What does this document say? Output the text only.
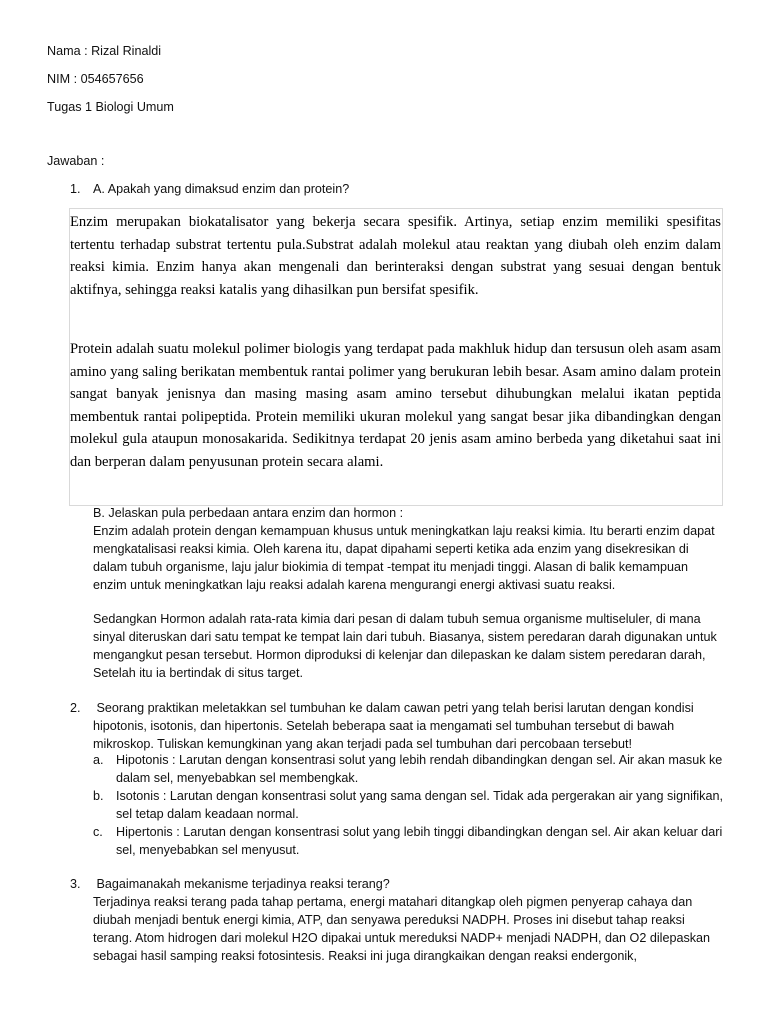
Nama : Rizal Rinaldi
NIM : 054657656
Tugas 1 Biologi Umum
Jawaban :
1. A. Apakah yang dimaksud enzim dan protein?
Enzim merupakan biokatalisator yang bekerja secara spesifik. Artinya, setiap enzim memiliki spesifitas tertentu terhadap substrat tertentu pula.Substrat adalah molekul atau reaktan yang diubah oleh enzim dalam reaksi kimia. Enzim hanya akan mengenali dan berinteraksi dengan substrat yang sesuai dengan bentuk aktifnya, sehingga reaksi katalis yang dihasilkan pun bersifat spesifik.
Protein adalah suatu molekul polimer biologis yang terdapat pada makhluk hidup dan tersusun oleh asam asam amino yang saling berikatan membentuk rantai polimer yang berukuran lebih besar. Asam amino dalam protein sangat banyak jenisnya dan masing masing asam amino tersebut dihubungkan melalui ikatan peptida membentuk rantai polipeptida. Protein memiliki ukuran molekul yang sangat besar jika dibandingkan dengan molekul gula ataupun monosakarida. Sedikitnya terdapat 20 jenis asam amino berbeda yang diketahui saat ini dan berperan dalam penyusunan protein secara alami.
B. Jelaskan pula perbedaan antara enzim dan hormon :
Enzim adalah protein dengan kemampuan khusus untuk meningkatkan laju reaksi kimia. Itu berarti enzim dapat mengkatalisasi reaksi kimia. Oleh karena itu, dapat dipahami seperti ketika ada enzim yang disekresikan di dalam tubuh organisme, laju jalur biokimia di tempat -tempat itu menjadi tinggi. Alasan di balik kemampuan enzim untuk meningkatkan laju reaksi adalah karena mengurangi energi aktivasi suatu reaksi.
Sedangkan Hormon adalah rata-rata kimia dari pesan di dalam tubuh semua organisme multiseluler, di mana sinyal diteruskan dari satu tempat ke tempat lain dari tubuh. Biasanya, sistem peredaran darah digunakan untuk mengangkut pesan tersebut. Hormon diproduksi di kelenjar dan dilepaskan ke dalam sistem peredaran darah, Setelah itu ia bertindak di situs target.
2. Seorang praktikan meletakkan sel tumbuhan ke dalam cawan petri yang telah berisi larutan dengan kondisi hipotonis, isotonis, dan hipertonis. Setelah beberapa saat ia mengamati sel tumbuhan tersebut di bawah mikroskop. Tuliskan kemungkinan yang akan terjadi pada sel tumbuhan dari percobaan tersebut!
a. Hipotonis : Larutan dengan konsentrasi solut yang lebih rendah dibandingkan dengan sel. Air akan masuk ke dalam sel, menyebabkan sel membengkak.
b. Isotonis : Larutan dengan konsentrasi solut yang sama dengan sel. Tidak ada pergerakan air yang signifikan, sel tetap dalam keadaan normal.
c. Hipertonis : Larutan dengan konsentrasi solut yang lebih tinggi dibandingkan dengan sel. Air akan keluar dari sel, menyebabkan sel menyusut.
3. Bagaimanakah mekanisme terjadinya reaksi terang?
Terjadinya reaksi terang pada tahap pertama, energi matahari ditangkap oleh pigmen penyerap cahaya dan diubah menjadi bentuk energi kimia, ATP, dan senyawa pereduksi NADPH. Proses ini disebut tahap reaksi terang. Atom hidrogen dari molekul H2O dipakai untuk mereduksi NADP+ menjadi NADPH, dan O2 dilepaskan sebagai hasil samping reaksi fotosintesis. Reaksi ini juga dirangkaikan dengan reaksi endergonik,
